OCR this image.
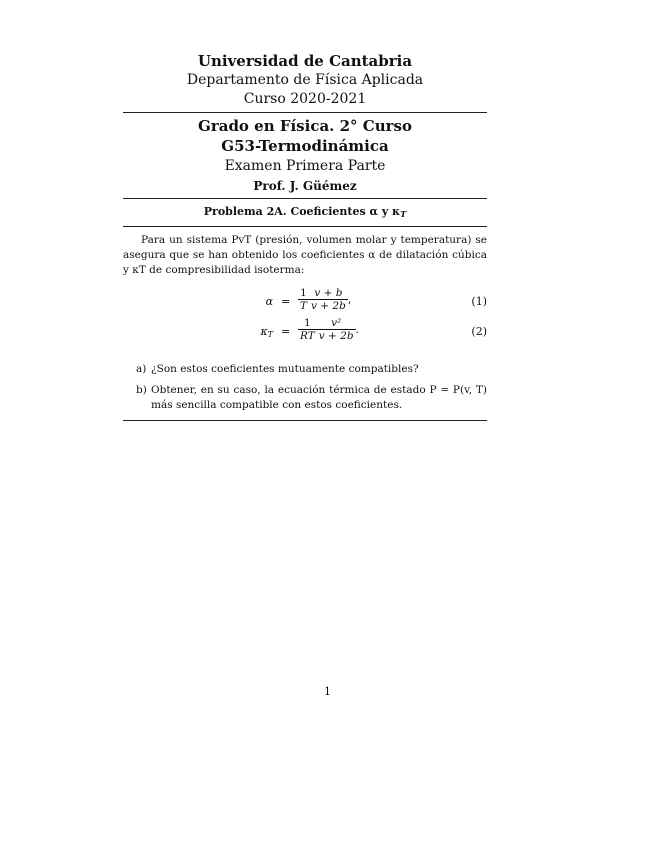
Universidad de Cantabria
Departamento de Física Aplicada
Curso 2020-2021
Grado en Física. 2° Curso
G53-Termodinámica
Examen Primera Parte
Prof. J. Güémez
Problema 2A. Coeficientes α y $\kappa_T$
Para un sistema PvT (presión, volumen molar y temperatura) se asegura que se han obtenido los coeficientes α de dilatación cúbica y κT de compresibilidad isoterma:
$\alpha = \frac{1}{T} \frac{v + b}{v + 2b}$ ,	(1)
$\kappa_T = \frac{1}{RT} \frac{\text{v²}}{v + 2b}$ .	(2)
a) ¿Son estos coeficientes mutuamente compatibles?
b) Obtener, en su caso, la ecuación térmica de estado P = P(v, T) más sencilla compatible con estos coeficientes.
1
